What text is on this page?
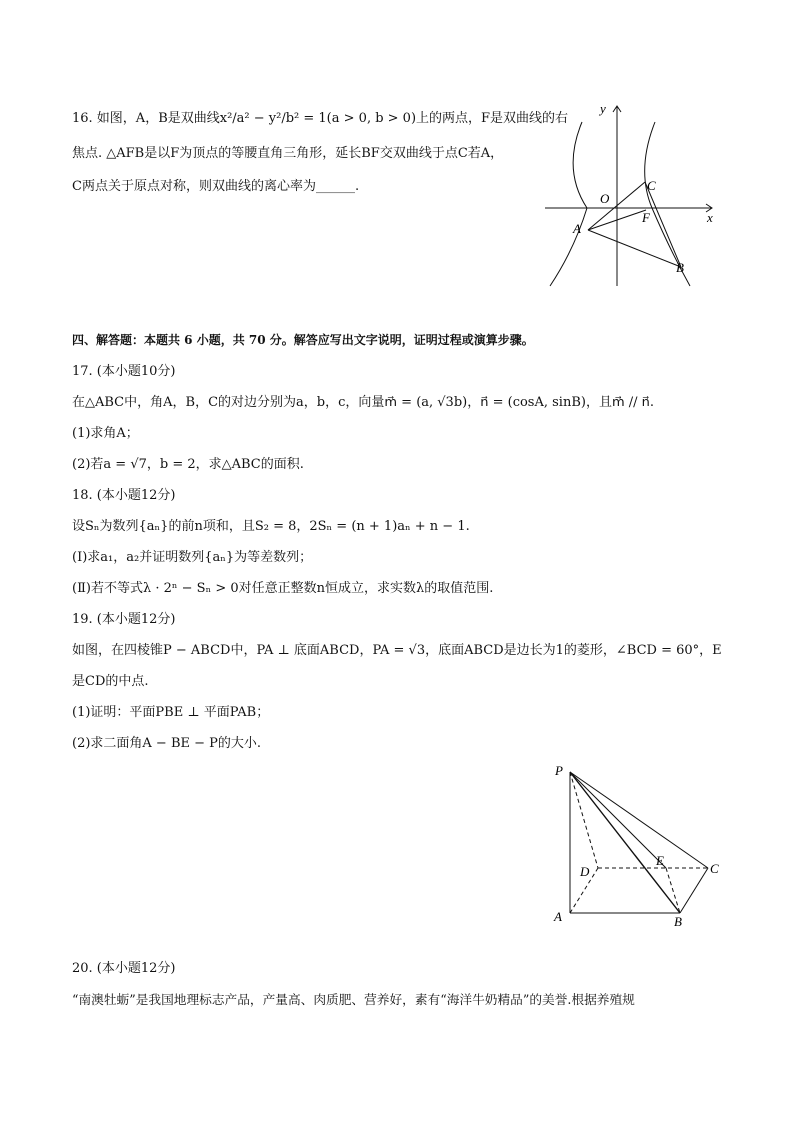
16. 如图，A，B是双曲线x²/a² − y²/b² = 1(a > 0, b > 0)上的两点，F是双曲线的右
焦点. △AFB是以F为顶点的等腰直角三角形，延长BF交双曲线于点C若A，
C两点关于原点对称，则双曲线的离心率为______.
y
x
O
A
B
C
F
四、解答题：本题共 6 小题，共 70 分。解答应写出文字说明，证明过程或演算步骤。
17. (本小题10分)
在△ABC中，角A，B，C的对边分别为a，b，c，向量m⃗ = (a, √3b)，n⃗ = (cosA, sinB)，且m⃗ // n⃗.
(1)求角A；
(2)若a = √7，b = 2，求△ABC的面积.
18. (本小题12分)
设Sₙ为数列{aₙ}的前n项和，且S₂ = 8，2Sₙ = (n + 1)aₙ + n − 1.
(Ⅰ)求a₁，a₂并证明数列{aₙ}为等差数列；
(Ⅱ)若不等式λ · 2ⁿ − Sₙ > 0对任意正整数n恒成立，求实数λ的取值范围.
19. (本小题12分)
如图，在四棱锥P − ABCD中，PA ⊥ 底面ABCD，PA = √3，底面ABCD是边长为1的菱形，∠BCD = 60°，E
是CD的中点.
(1)证明：平面PBE ⊥ 平面PAB；
(2)求二面角A − BE − P的大小.
P
A	B
C
D
E
20. (本小题12分)
“南澳牡蛎”是我国地理标志产品，产量高、肉质肥、营养好，素有“海洋牛奶精品”的美誉.根据养殖规
